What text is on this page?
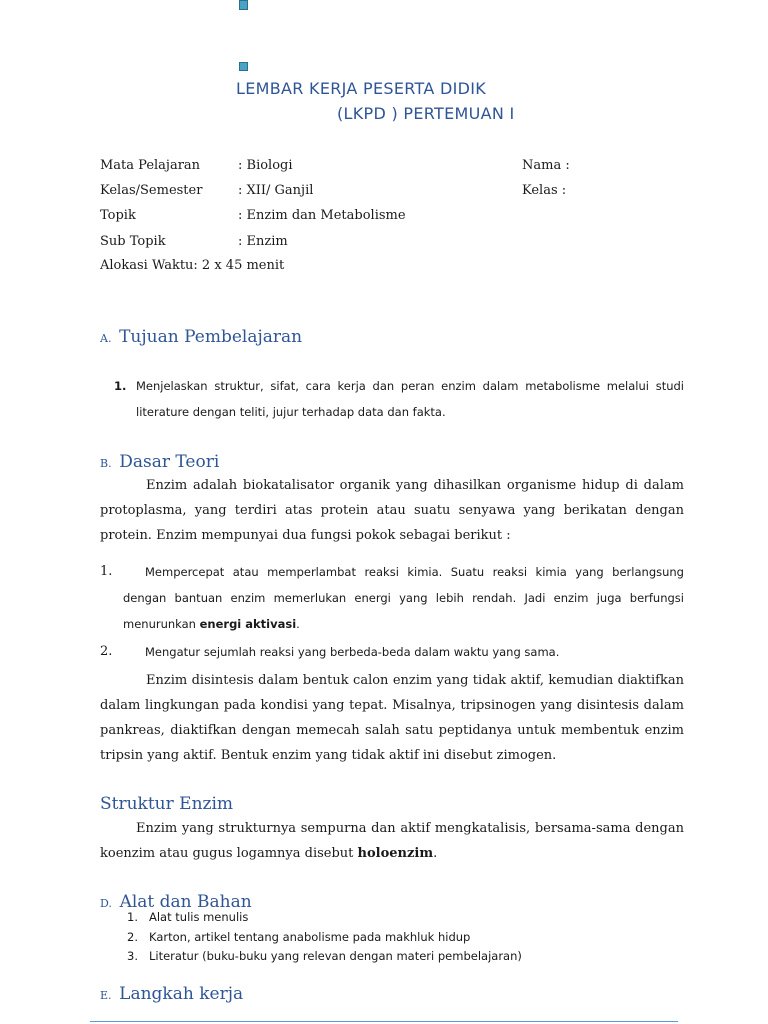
LEMBAR KERJA PESERTA DIDIK
(LKPD ) PERTEMUAN I
Mata Pelajaran	: Biologi	Nama :
Kelas/Semester	: XII/ Ganjil	Kelas :
Topik	: Enzim dan Metabolisme
Sub Topik	: Enzim
Alokasi Waktu: 2 x 45 menit
A. Tujuan Pembelajaran
1. Menjelaskan struktur, sifat, cara kerja dan peran enzim dalam metabolisme melalui studi literature dengan teliti, jujur terhadap data dan fakta.
B. Dasar Teori

Enzim adalah biokatalisator organik yang dihasilkan organisme hidup di dalam protoplasma, yang terdiri atas protein atau suatu senyawa yang berikatan dengan protein. Enzim mempunyai dua fungsi pokok sebagai berikut :

1.	Mempercepat atau memperlambat reaksi kimia. Suatu reaksi kimia yang berlangsung dengan bantuan enzim memerlukan energi yang lebih rendah. Jadi enzim juga berfungsi menurunkan energi aktivasi.
2.	Mengatur sejumlah reaksi yang berbeda-beda dalam waktu yang sama.

Enzim disintesis dalam bentuk calon enzim yang tidak aktif, kemudian diaktifkan dalam lingkungan pada kondisi yang tepat. Misalnya, tripsinogen yang disintesis dalam pankreas, diaktifkan dengan memecah salah satu peptidanya untuk membentuk enzim tripsin yang aktif. Bentuk enzim yang tidak aktif ini disebut zimogen.

Struktur Enzim

Enzim yang strukturnya sempurna dan aktif mengkatalisis, bersama-sama dengan koenzim atau gugus logamnya disebut holoenzim.

D. Alat dan Bahan
1. Alat tulis menulis
2. Karton, artikel tentang anabolisme pada makhluk hidup
3. Literatur (buku-buku yang relevan dengan materi pembelajaran)
E. Langkah kerja
